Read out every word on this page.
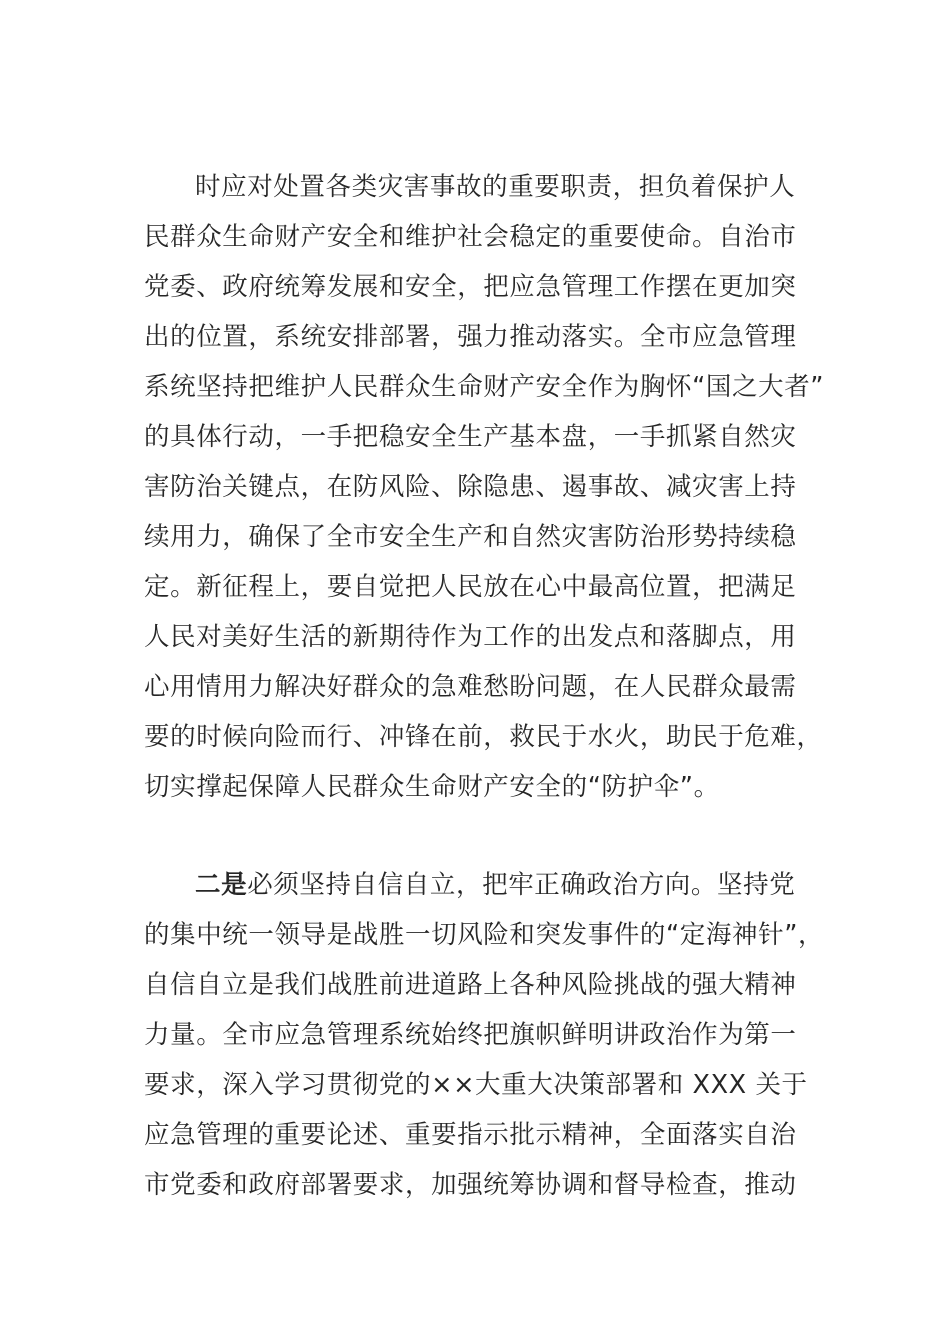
时应对处置各类灾害事故的重要职责，担负着保护人
民群众生命财产安全和维护社会稳定的重要使命。自治市
党委、政府统筹发展和安全，把应急管理工作摆在更加突
出的位置，系统安排部署，强力推动落实。全市应急管理
系统坚持把维护人民群众生命财产安全作为胸怀“国之大者”
的具体行动，一手把稳安全生产基本盘，一手抓紧自然灾
害防治关键点，在防风险、除隐患、遏事故、减灾害上持
续用力，确保了全市安全生产和自然灾害防治形势持续稳
定。新征程上，要自觉把人民放在心中最高位置，把满足
人民对美好生活的新期待作为工作的出发点和落脚点，用
心用情用力解决好群众的急难愁盼问题，在人民群众最需
要的时候向险而行、冲锋在前，救民于水火，助民于危难，
切实撑起保障人民群众生命财产安全的“防护伞”。
二是必须坚持自信自立，把牢正确政治方向。坚持党
的集中统一领导是战胜一切风险和突发事件的“定海神针”，
自信自立是我们战胜前进道路上各种风险挑战的强大精神
力量。全市应急管理系统始终把旗帜鲜明讲政治作为第一
要求，深入学习贯彻党的××大重大决策部署和 XXX 关于
应急管理的重要论述、重要指示批示精神，全面落实自治
市党委和政府部署要求，加强统筹协调和督导检查，推动
